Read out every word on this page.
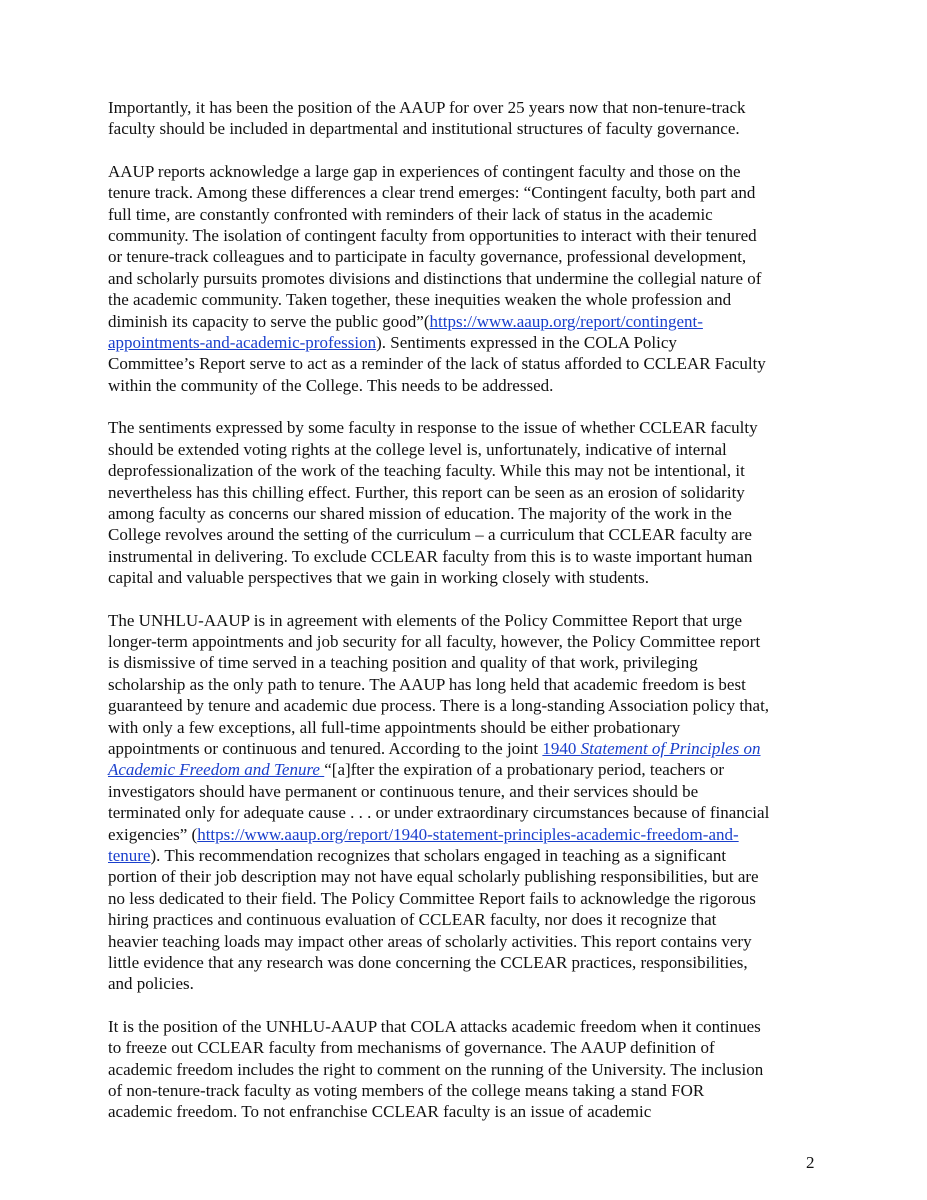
Importantly, it has been the position of the AAUP for over 25 years now that non-tenure-track
faculty should be included in departmental and institutional structures of faculty governance.

AAUP reports acknowledge a large gap in experiences of contingent faculty and those on the
tenure track. Among these differences a clear trend emerges: “Contingent faculty, both part and
full time, are constantly confronted with reminders of their lack of status in the academic
community. The isolation of contingent faculty from opportunities to interact with their tenured
or tenure-track colleagues and to participate in faculty governance, professional development,
and scholarly pursuits promotes divisions and distinctions that undermine the collegial nature of
the academic community. Taken together, these inequities weaken the whole profession and
diminish its capacity to serve the public good”(https://www.aaup.org/report/contingent-
appointments-and-academic-profession). Sentiments expressed in the COLA Policy
Committee’s Report serve to act as a reminder of the lack of status afforded to CCLEAR Faculty
within the community of the College. This needs to be addressed.

The sentiments expressed by some faculty in response to the issue of whether CCLEAR faculty
should be extended voting rights at the college level is, unfortunately, indicative of internal
deprofessionalization of the work of the teaching faculty. While this may not be intentional, it
nevertheless has this chilling effect. Further, this report can be seen as an erosion of solidarity
among faculty as concerns our shared mission of education. The majority of the work in the
College revolves around the setting of the curriculum – a curriculum that CCLEAR faculty are
instrumental in delivering. To exclude CCLEAR faculty from this is to waste important human
capital and valuable perspectives that we gain in working closely with students.

The UNHLU-AAUP is in agreement with elements of the Policy Committee Report that urge
longer-term appointments and job security for all faculty, however, the Policy Committee report
is dismissive of time served in a teaching position and quality of that work, privileging
scholarship as the only path to tenure. The AAUP has long held that academic freedom is best
guaranteed by tenure and academic due process. There is a long-standing Association policy that,
with only a few exceptions, all full-time appointments should be either probationary
appointments or continuous and tenured. According to the joint 1940 Statement of Principles on
Academic Freedom and Tenure “[a]fter the expiration of a probationary period, teachers or
investigators should have permanent or continuous tenure, and their services should be
terminated only for adequate cause . . . or under extraordinary circumstances because of financial
exigencies” (https://www.aaup.org/report/1940-statement-principles-academic-freedom-and-
tenure). This recommendation recognizes that scholars engaged in teaching as a significant
portion of their job description may not have equal scholarly publishing responsibilities, but are
no less dedicated to their field. The Policy Committee Report fails to acknowledge the rigorous
hiring practices and continuous evaluation of CCLEAR faculty, nor does it recognize that
heavier teaching loads may impact other areas of scholarly activities. This report contains very
little evidence that any research was done concerning the CCLEAR practices, responsibilities,
and policies.

It is the position of the UNHLU-AAUP that COLA attacks academic freedom when it continues
to freeze out CCLEAR faculty from mechanisms of governance. The AAUP definition of
academic freedom includes the right to comment on the running of the University. The inclusion
of non-tenure-track faculty as voting members of the college means taking a stand FOR
academic freedom. To not enfranchise CCLEAR faculty is an issue of academic

2
